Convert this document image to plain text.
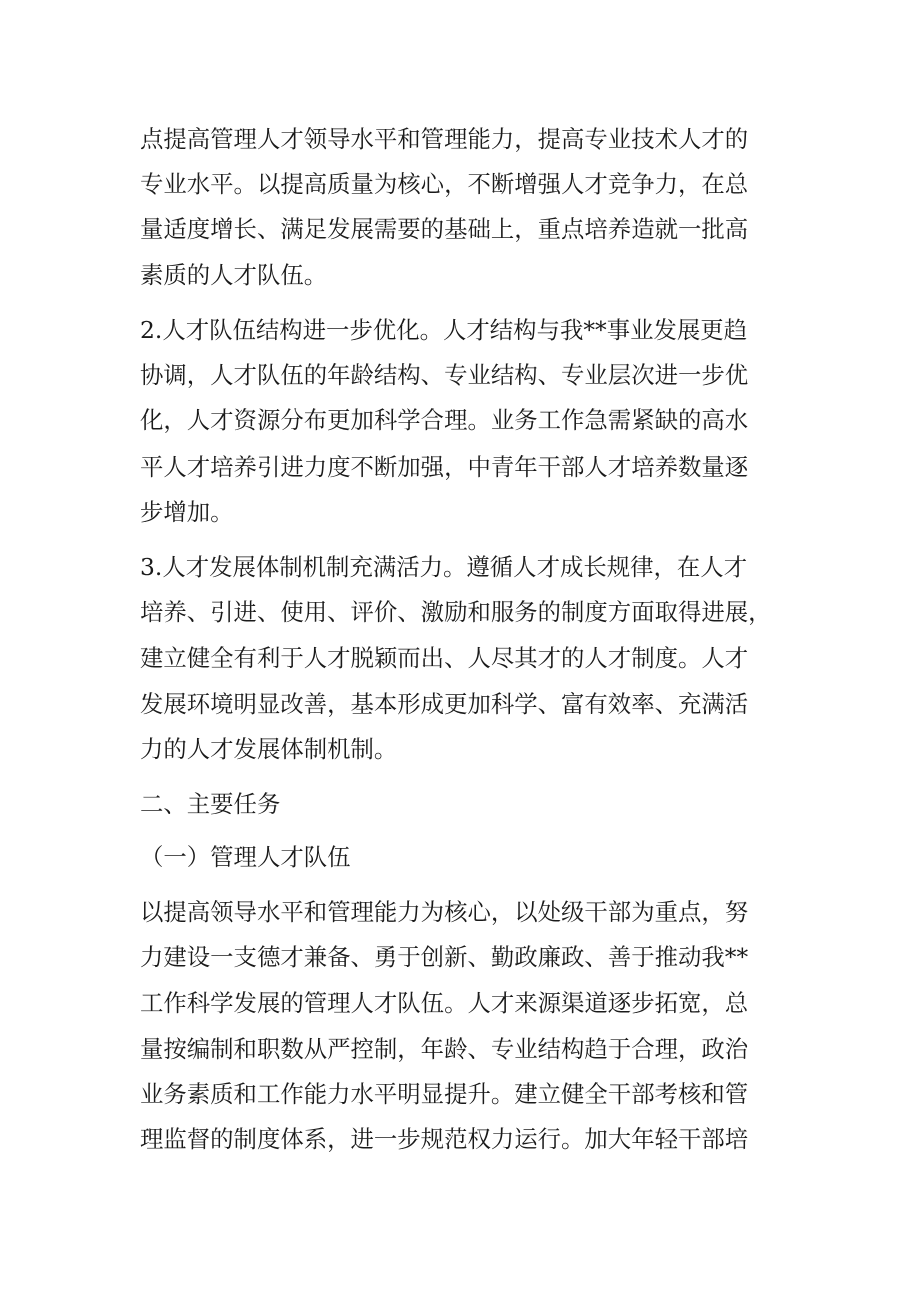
点提高管理人才领导水平和管理能力，提高专业技术人才的
专业水平。以提高质量为核心，不断增强人才竞争力，在总
量适度增长、满足发展需要的基础上，重点培养造就一批高
素质的人才队伍。
2.人才队伍结构进一步优化。人才结构与我**事业发展更趋
协调，人才队伍的年龄结构、专业结构、专业层次进一步优
化，人才资源分布更加科学合理。业务工作急需紧缺的高水
平人才培养引进力度不断加强，中青年干部人才培养数量逐
步增加。
3.人才发展体制机制充满活力。遵循人才成长规律，在人才
培养、引进、使用、评价、激励和服务的制度方面取得进展，
建立健全有利于人才脱颖而出、人尽其才的人才制度。人才
发展环境明显改善，基本形成更加科学、富有效率、充满活
力的人才发展体制机制。
二、主要任务
（一）管理人才队伍
以提高领导水平和管理能力为核心，以处级干部为重点，努
力建设一支德才兼备、勇于创新、勤政廉政、善于推动我**
工作科学发展的管理人才队伍。人才来源渠道逐步拓宽，总
量按编制和职数从严控制，年龄、专业结构趋于合理，政治
业务素质和工作能力水平明显提升。建立健全干部考核和管
理监督的制度体系，进一步规范权力运行。加大年轻干部培
